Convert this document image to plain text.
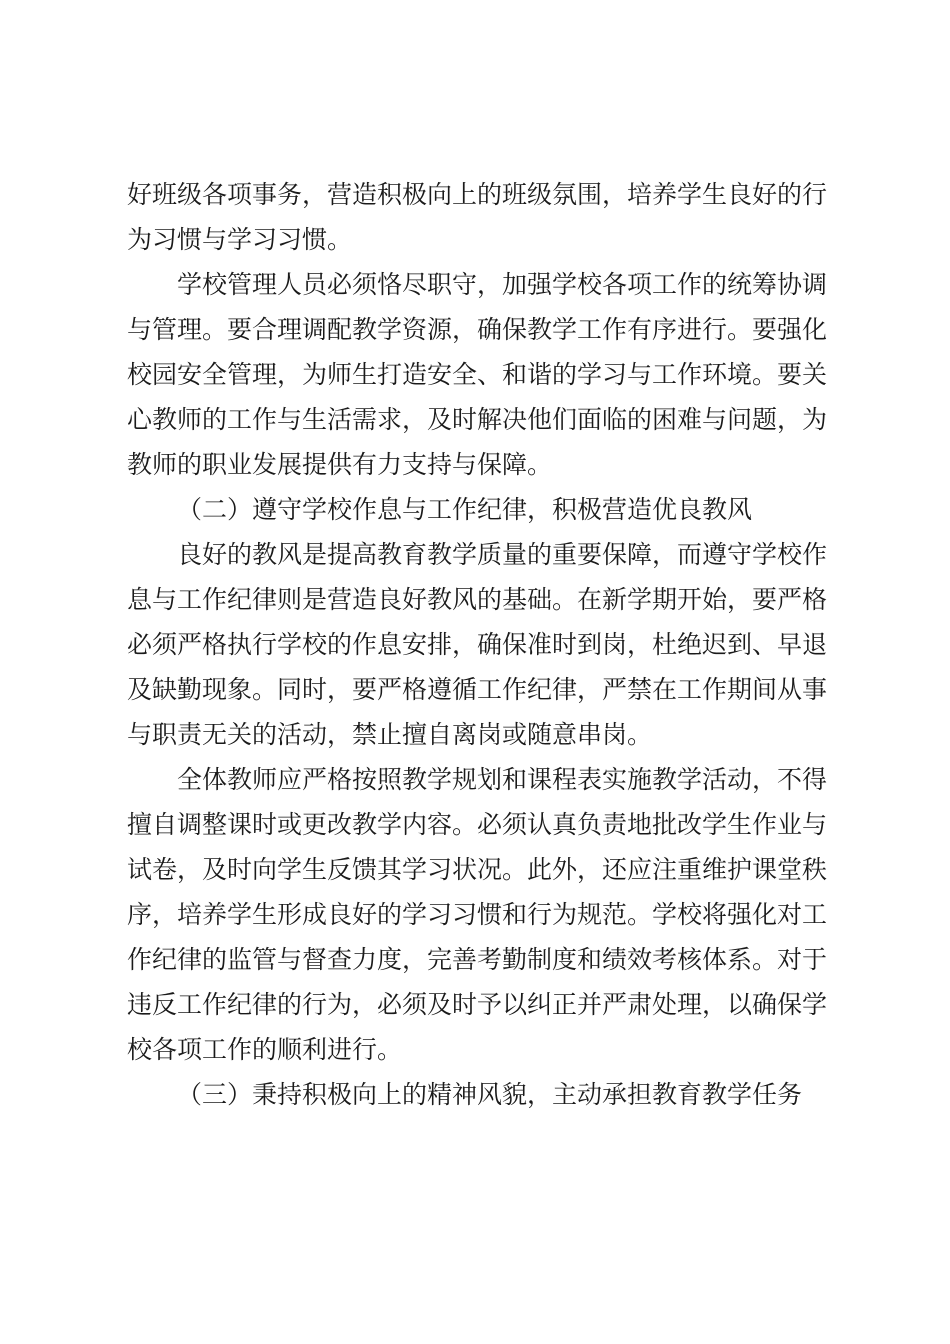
好班级各项事务，营造积极向上的班级氛围，培养学生良好的行为习惯与学习习惯。

学校管理人员必须恪尽职守，加强学校各项工作的统筹协调与管理。要合理调配教学资源，确保教学工作有序进行。要强化校园安全管理，为师生打造安全、和谐的学习与工作环境。要关心教师的工作与生活需求，及时解决他们面临的困难与问题，为教师的职业发展提供有力支持与保障。

（二）遵守学校作息与工作纪律，积极营造优良教风

良好的教风是提高教育教学质量的重要保障，而遵守学校作息与工作纪律则是营造良好教风的基础。在新学期开始，要严格必须严格执行学校的作息安排，确保准时到岗，杜绝迟到、早退及缺勤现象。同时，要严格遵循工作纪律，严禁在工作期间从事与职责无关的活动，禁止擅自离岗或随意串岗。

全体教师应严格按照教学规划和课程表实施教学活动，不得擅自调整课时或更改教学内容。必须认真负责地批改学生作业与试卷，及时向学生反馈其学习状况。此外，还应注重维护课堂秩序，培养学生形成良好的学习习惯和行为规范。学校将强化对工作纪律的监管与督查力度，完善考勤制度和绩效考核体系。对于违反工作纪律的行为，必须及时予以纠正并严肃处理，以确保学校各项工作的顺利进行。

（三）秉持积极向上的精神风貌，主动承担教育教学任务
